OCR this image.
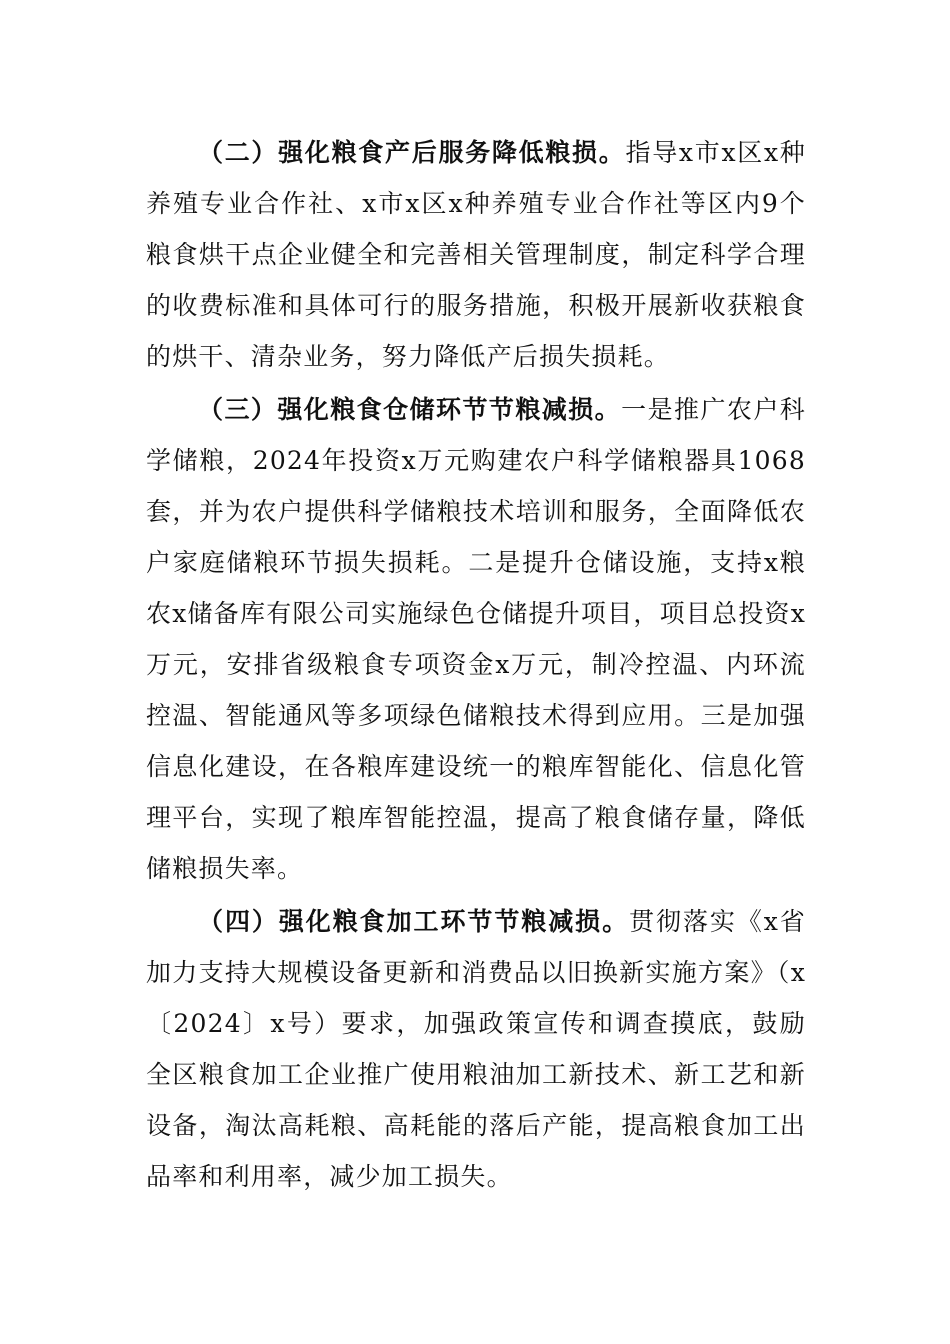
（二）强化粮食产后服务降低粮损。指导x市x区x种养殖专业合作社、x市x区x种养殖专业合作社等区内9个粮食烘干点企业健全和完善相关管理制度，制定科学合理的收费标准和具体可行的服务措施，积极开展新收获粮食的烘干、清杂业务，努力降低产后损失损耗。

（三）强化粮食仓储环节节粮减损。一是推广农户科学储粮，2024年投资x万元购建农户科学储粮器具1068套，并为农户提供科学储粮技术培训和服务，全面降低农户家庭储粮环节损失损耗。二是提升仓储设施，支持x粮农x储备库有限公司实施绿色仓储提升项目，项目总投资x万元，安排省级粮食专项资金x万元，制冷控温、内环流控温、智能通风等多项绿色储粮技术得到应用。三是加强信息化建设，在各粮库建设统一的粮库智能化、信息化管理平台，实现了粮库智能控温，提高了粮食储存量，降低储粮损失率。

（四）强化粮食加工环节节粮减损。贯彻落实《x省加力支持大规模设备更新和消费品以旧换新实施方案》（x〔2024〕x号）要求，加强政策宣传和调查摸底，鼓励全区粮食加工企业推广使用粮油加工新技术、新工艺和新设备，淘汰高耗粮、高耗能的落后产能，提高粮食加工出品率和利用率，减少加工损失。
